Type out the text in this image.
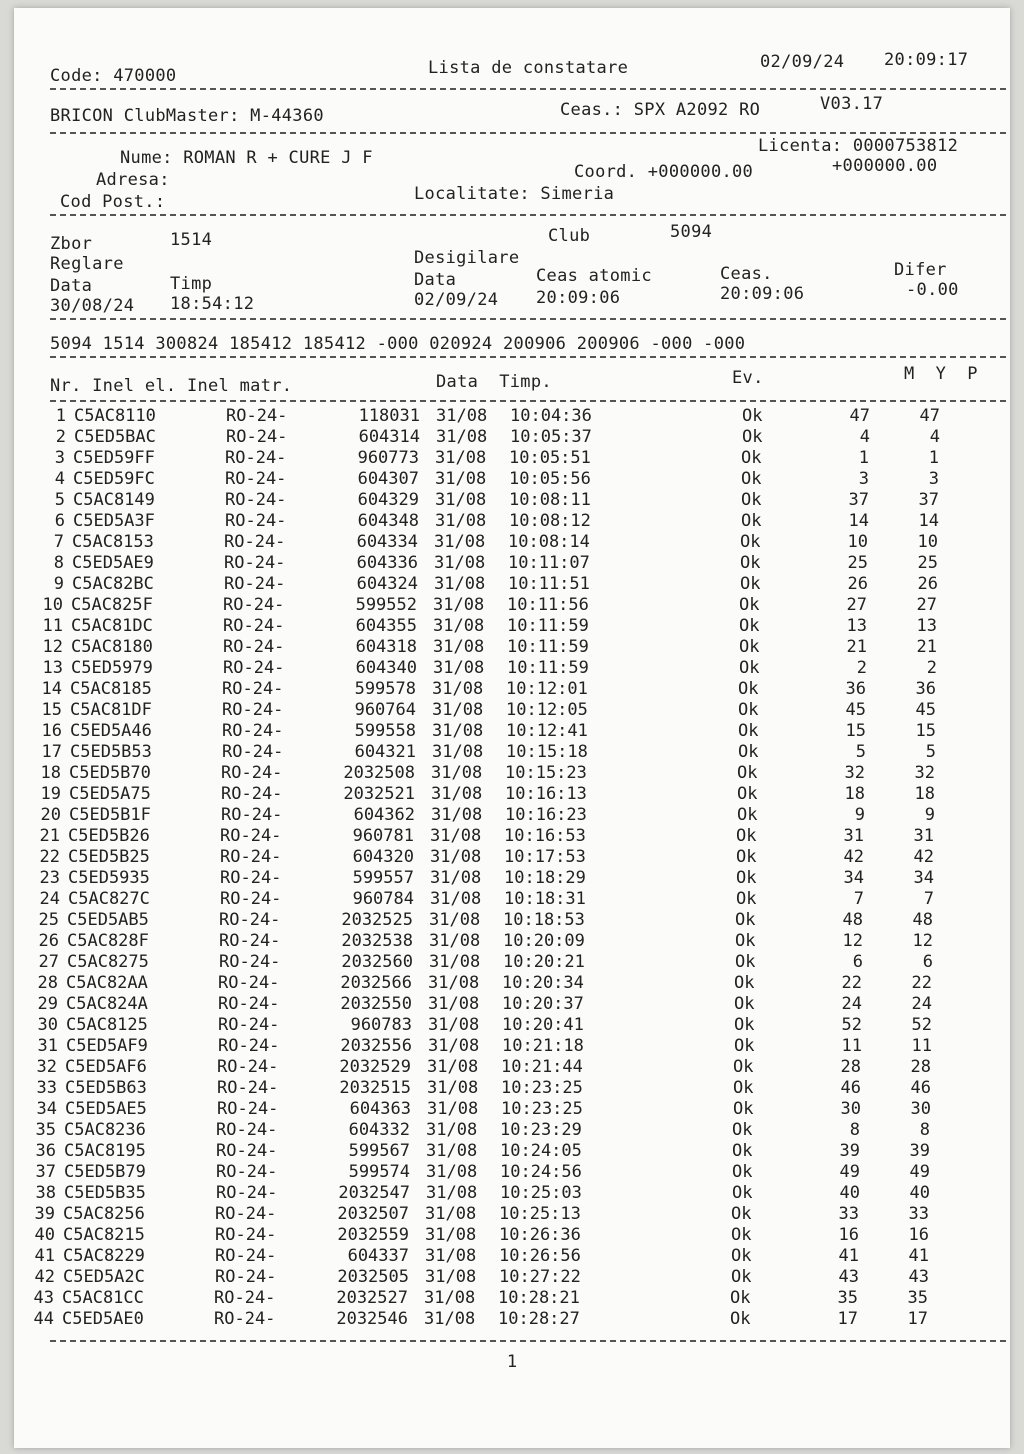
Code: 470000	Lista de constatare	02/09/24 20:09:17
BRICON ClubMaster: M-44360	Ceas.: SPX A2092 RO	V03.17
Licenta: 0000753812
Nume: ROMAN R + CURE J F
Coord. +000000.00	+000000.00
Adresa:
Cod Post.:	Localitate: Simeria
Zbor	1514	Club	5094
Reglare	Desigilare
Data	Timp	Data	Ceas atomic	Ceas.	Difer
30/08/24 18:54:12	02/09/24 20:09:06	20:09:06	-0.00
5094 1514 300824 185412 185412 -000 020924 200906 200906 -000 -000
Nr. Inel el. Inel matr.	Data  Timp.	Ev.	M  Y  P
1 C5AC8110	RO-24-	118031 31/08 10:04:36	Ok	47	47
2 C5ED5BAC	RO-24-	604314 31/08 10:05:37	Ok	4	4
3 C5ED59FF	RO-24-	960773 31/08 10:05:51	Ok	1	1
4 C5ED59FC	RO-24-	604307 31/08 10:05:56	Ok	3	3
5 C5AC8149	RO-24-	604329 31/08 10:08:11	Ok	37	37
6 C5ED5A3F	RO-24-	604348 31/08 10:08:12	Ok	14	14
7 C5AC8153	RO-24-	604334 31/08 10:08:14	Ok	10	10
8 C5ED5AE9	RO-24-	604336 31/08 10:11:07	Ok	25	25
9 C5AC82BC	RO-24-	604324 31/08 10:11:51	Ok	26	26
10 C5AC825F	RO-24-	599552 31/08 10:11:56	Ok	27	27
11 C5AC81DC	RO-24-	604355 31/08 10:11:59	Ok	13	13
12 C5AC8180	RO-24-	604318 31/08 10:11:59	Ok	21	21
13 C5ED5979	RO-24-	604340 31/08 10:11:59	Ok	2	2
14 C5AC8185	RO-24-	599578 31/08 10:12:01	Ok	36	36
15 C5AC81DF	RO-24-	960764 31/08 10:12:05	Ok	45	45
16 C5ED5A46	RO-24-	599558 31/08 10:12:41	Ok	15	15
17 C5ED5B53	RO-24-	604321 31/08 10:15:18	Ok	5	5
18 C5ED5B70	RO-24-	2032508 31/08 10:15:23	Ok	32	32
19 C5ED5A75	RO-24-	2032521 31/08 10:16:13	Ok	18	18
20 C5ED5B1F	RO-24-	604362 31/08 10:16:23	Ok	9	9
21 C5ED5B26	RO-24-	960781 31/08 10:16:53	Ok	31	31
22 C5ED5B25	RO-24-	604320 31/08 10:17:53	Ok	42	42
23 C5ED5935	RO-24-	599557 31/08 10:18:29	Ok	34	34
24 C5AC827C	RO-24-	960784 31/08 10:18:31	Ok	7	7
25 C5ED5AB5	RO-24-	2032525 31/08 10:18:53	Ok	48	48
26 C5AC828F	RO-24-	2032538 31/08 10:20:09	Ok	12	12
27 C5AC8275	RO-24-	2032560 31/08 10:20:21	Ok	6	6
28 C5AC82AA	RO-24-	2032566 31/08 10:20:34	Ok	22	22
29 C5AC824A	RO-24-	2032550 31/08 10:20:37	Ok	24	24
30 C5AC8125	RO-24-	960783 31/08 10:20:41	Ok	52	52
31 C5ED5AF9	RO-24-	2032556 31/08 10:21:18	Ok	11	11
32 C5ED5AF6	RO-24-	2032529 31/08 10:21:44	Ok	28	28
33 C5ED5B63	RO-24-	2032515 31/08 10:23:25	Ok	46	46
34 C5ED5AE5	RO-24-	604363 31/08 10:23:25	Ok	30	30
35 C5AC8236	RO-24-	604332 31/08 10:23:29	Ok	8	8
36 C5AC8195	RO-24-	599567 31/08 10:24:05	Ok	39	39
37 C5ED5B79	RO-24-	599574 31/08 10:24:56	Ok	49	49
38 C5ED5B35	RO-24-	2032547 31/08 10:25:03	Ok	40	40
39 C5AC8256	RO-24-	2032507 31/08 10:25:13	Ok	33	33
40 C5AC8215	RO-24-	2032559 31/08 10:26:36	Ok	16	16
41 C5AC8229	RO-24-	604337 31/08 10:26:56	Ok	41	41
42 C5ED5A2C	RO-24-	2032505 31/08 10:27:22	Ok	43	43
43 C5AC81CC	RO-24-	2032527 31/08 10:28:21	Ok	35	35
44 C5ED5AE0	RO-24-	2032546 31/08 10:28:27	Ok	17	17
1
